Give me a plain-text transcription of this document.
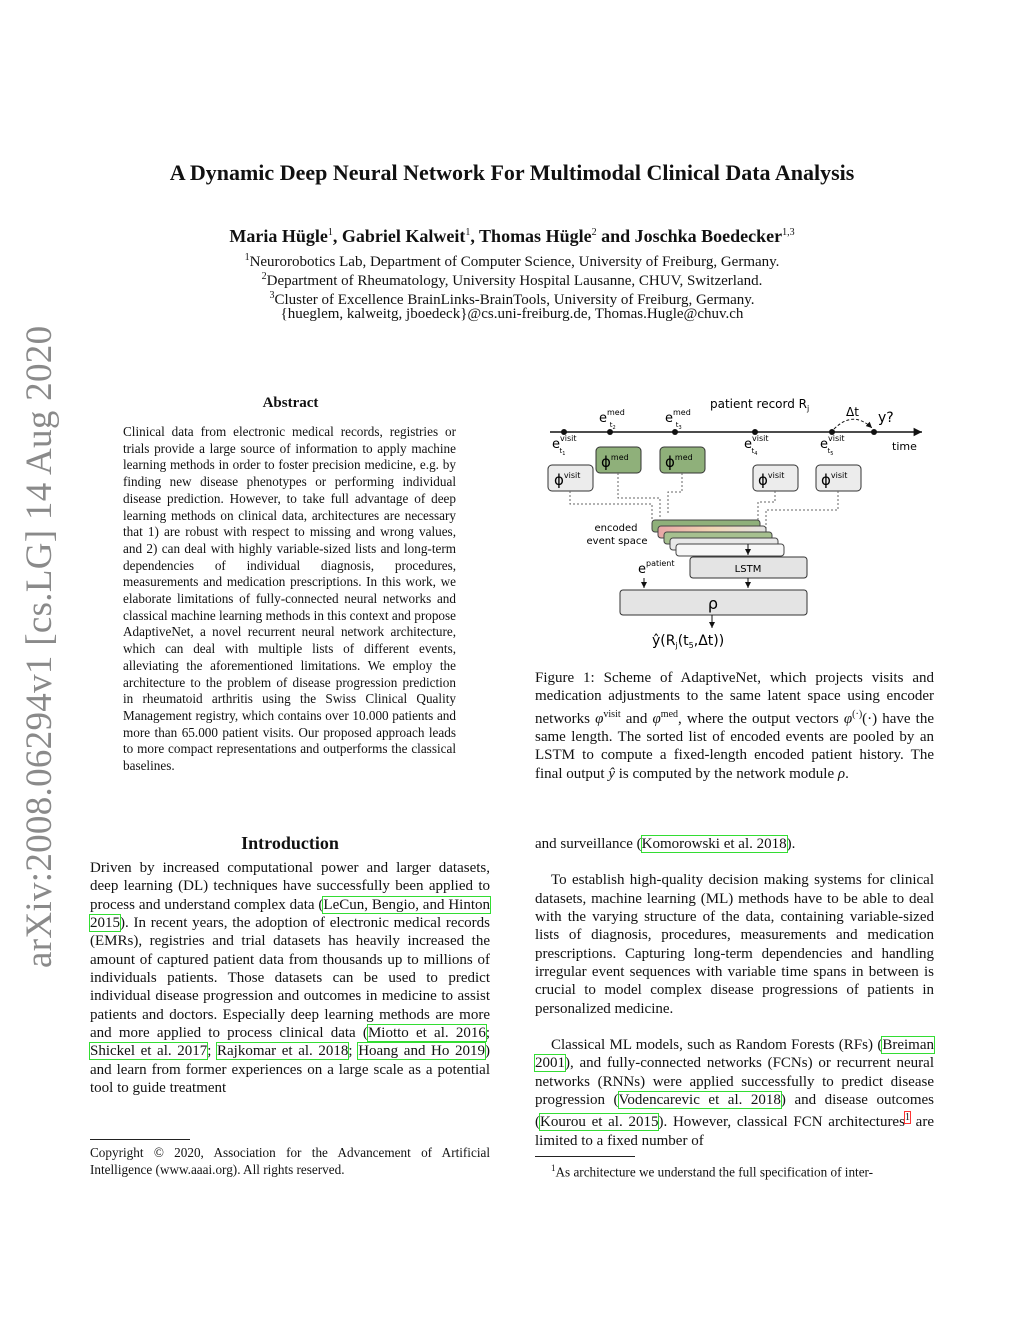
arXiv:2008.06294v1 [cs.LG] 14 Aug 2020
A Dynamic Deep Neural Network For Multimodal Clinical Data Analysis
Maria Hügle$^1$, Gabriel Kalweit$^1$, Thomas Hügle$^2$ and Joschka Boedecker$^{1,3}$
$^1$Neurorobotics Lab, Department of Computer Science, University of Freiburg, Germany.
$^2$Department of Rheumatology, University Hospital Lausanne, CHUV, Switzerland.
$^3$Cluster of Excellence BrainLinks-BrainTools, University of Freiburg, Germany.
{hueglem, kalweitg, jboedeck}@cs.uni-freiburg.de, Thomas.Hugle@chuv.ch
Abstract
Clinical data from electronic medical records, registries or trials provide a large source of information to apply machine learning methods in order to foster precision medicine, e.g. by finding new disease phenotypes or performing individual disease prediction. However, to take full advantage of deep learning methods on clinical data, architectures are necessary that 1) are robust with respect to missing and wrong values, and 2) can deal with highly variable-sized lists and long-term dependencies of individual diagnosis, procedures, measurements and medication prescriptions. In this work, we elaborate limitations of fully-connected neural networks and classical machine learning methods in this context and propose AdaptiveNet, a novel recurrent neural network architecture, which can deal with multiple lists of different events, alleviating the aforementioned limitations. We employ the architecture to the problem of disease progression prediction in rheumatoid arthritis using the Swiss Clinical Quality Management registry, which contains over 10.000 patients and more than 65.000 patient visits. Our proposed approach leads to more compact representations and outperforms the classical baselines.
Introduction
Driven by increased computational power and larger datasets, deep learning (DL) techniques have successfully been applied to process and understand complex data (LeCun, Bengio, and Hinton 2015). In recent years, the adoption of electronic medical records (EMRs), registries and trial datasets has heavily increased the amount of captured patient data from thousands up to millions of individuals patients. Those datasets can be used to predict individual disease progression and outcomes in medicine to assist patients and doctors. Especially deep learning methods are more and more applied to process clinical data (Miotto et al. 2016; Shickel et al. 2017; Rajkomar et al. 2018; Hoang and Ho 2019) and learn from former experiences on a large scale as a potential tool to guide treatment
Copyright © 2020, Association for the Advancement of Artificial Intelligence (www.aaai.org). All rights reserved.
patient record $R_j$	Δt y?
time
$e^{med}$ t2
$e^{med}$ t3
$e^{visit}$ t1
$e^{visit}$ t4
$e^{visit}$ t5
$\phi^{visit}$
$\phi^{med}$ $\phi^{med}$
$\phi^{visit}$ $\phi^{visit}$
encoded
event space
LSTM
$e^{patient}$
ρ
$ŷ(R_j(t_5,\Delta t))$
Figure 1: Scheme of AdaptiveNet, which projects visits and medication adjustments to the same latent space using encoder networks $\varphi^{visit}$ and $\varphi^{med}$, where the output vectors φ(·)(·) have the same length. The sorted list of encoded events are pooled by an LSTM to compute a fixed-length encoded patient history. The final output ŷ is computed by the network module ρ.

and surveillance (Komorowski et al. 2018).

To establish high-quality decision making systems for clinical datasets, machine learning (ML) methods have to be able to deal with the varying structure of the data, containing variable-sized lists of diagnosis, procedures, measurements and medication prescriptions. Capturing long-term dependencies and handling irregular event sequences with variable time spans in between is crucial to model complex disease progressions of patients in personalized medicine.

Classical ML models, such as Random Forests (RFs) (Breiman 2001), and fully-connected networks (FCNs) or recurrent neural networks (RNNs) were applied successfully to predict disease progression (Vodencarevic et al. 2018) and disease outcomes (Kourou et al. 2015). However, classical FCN architectures$^1$ are limited to a fixed number of

$^1$As architecture we understand the full specification of inter-
